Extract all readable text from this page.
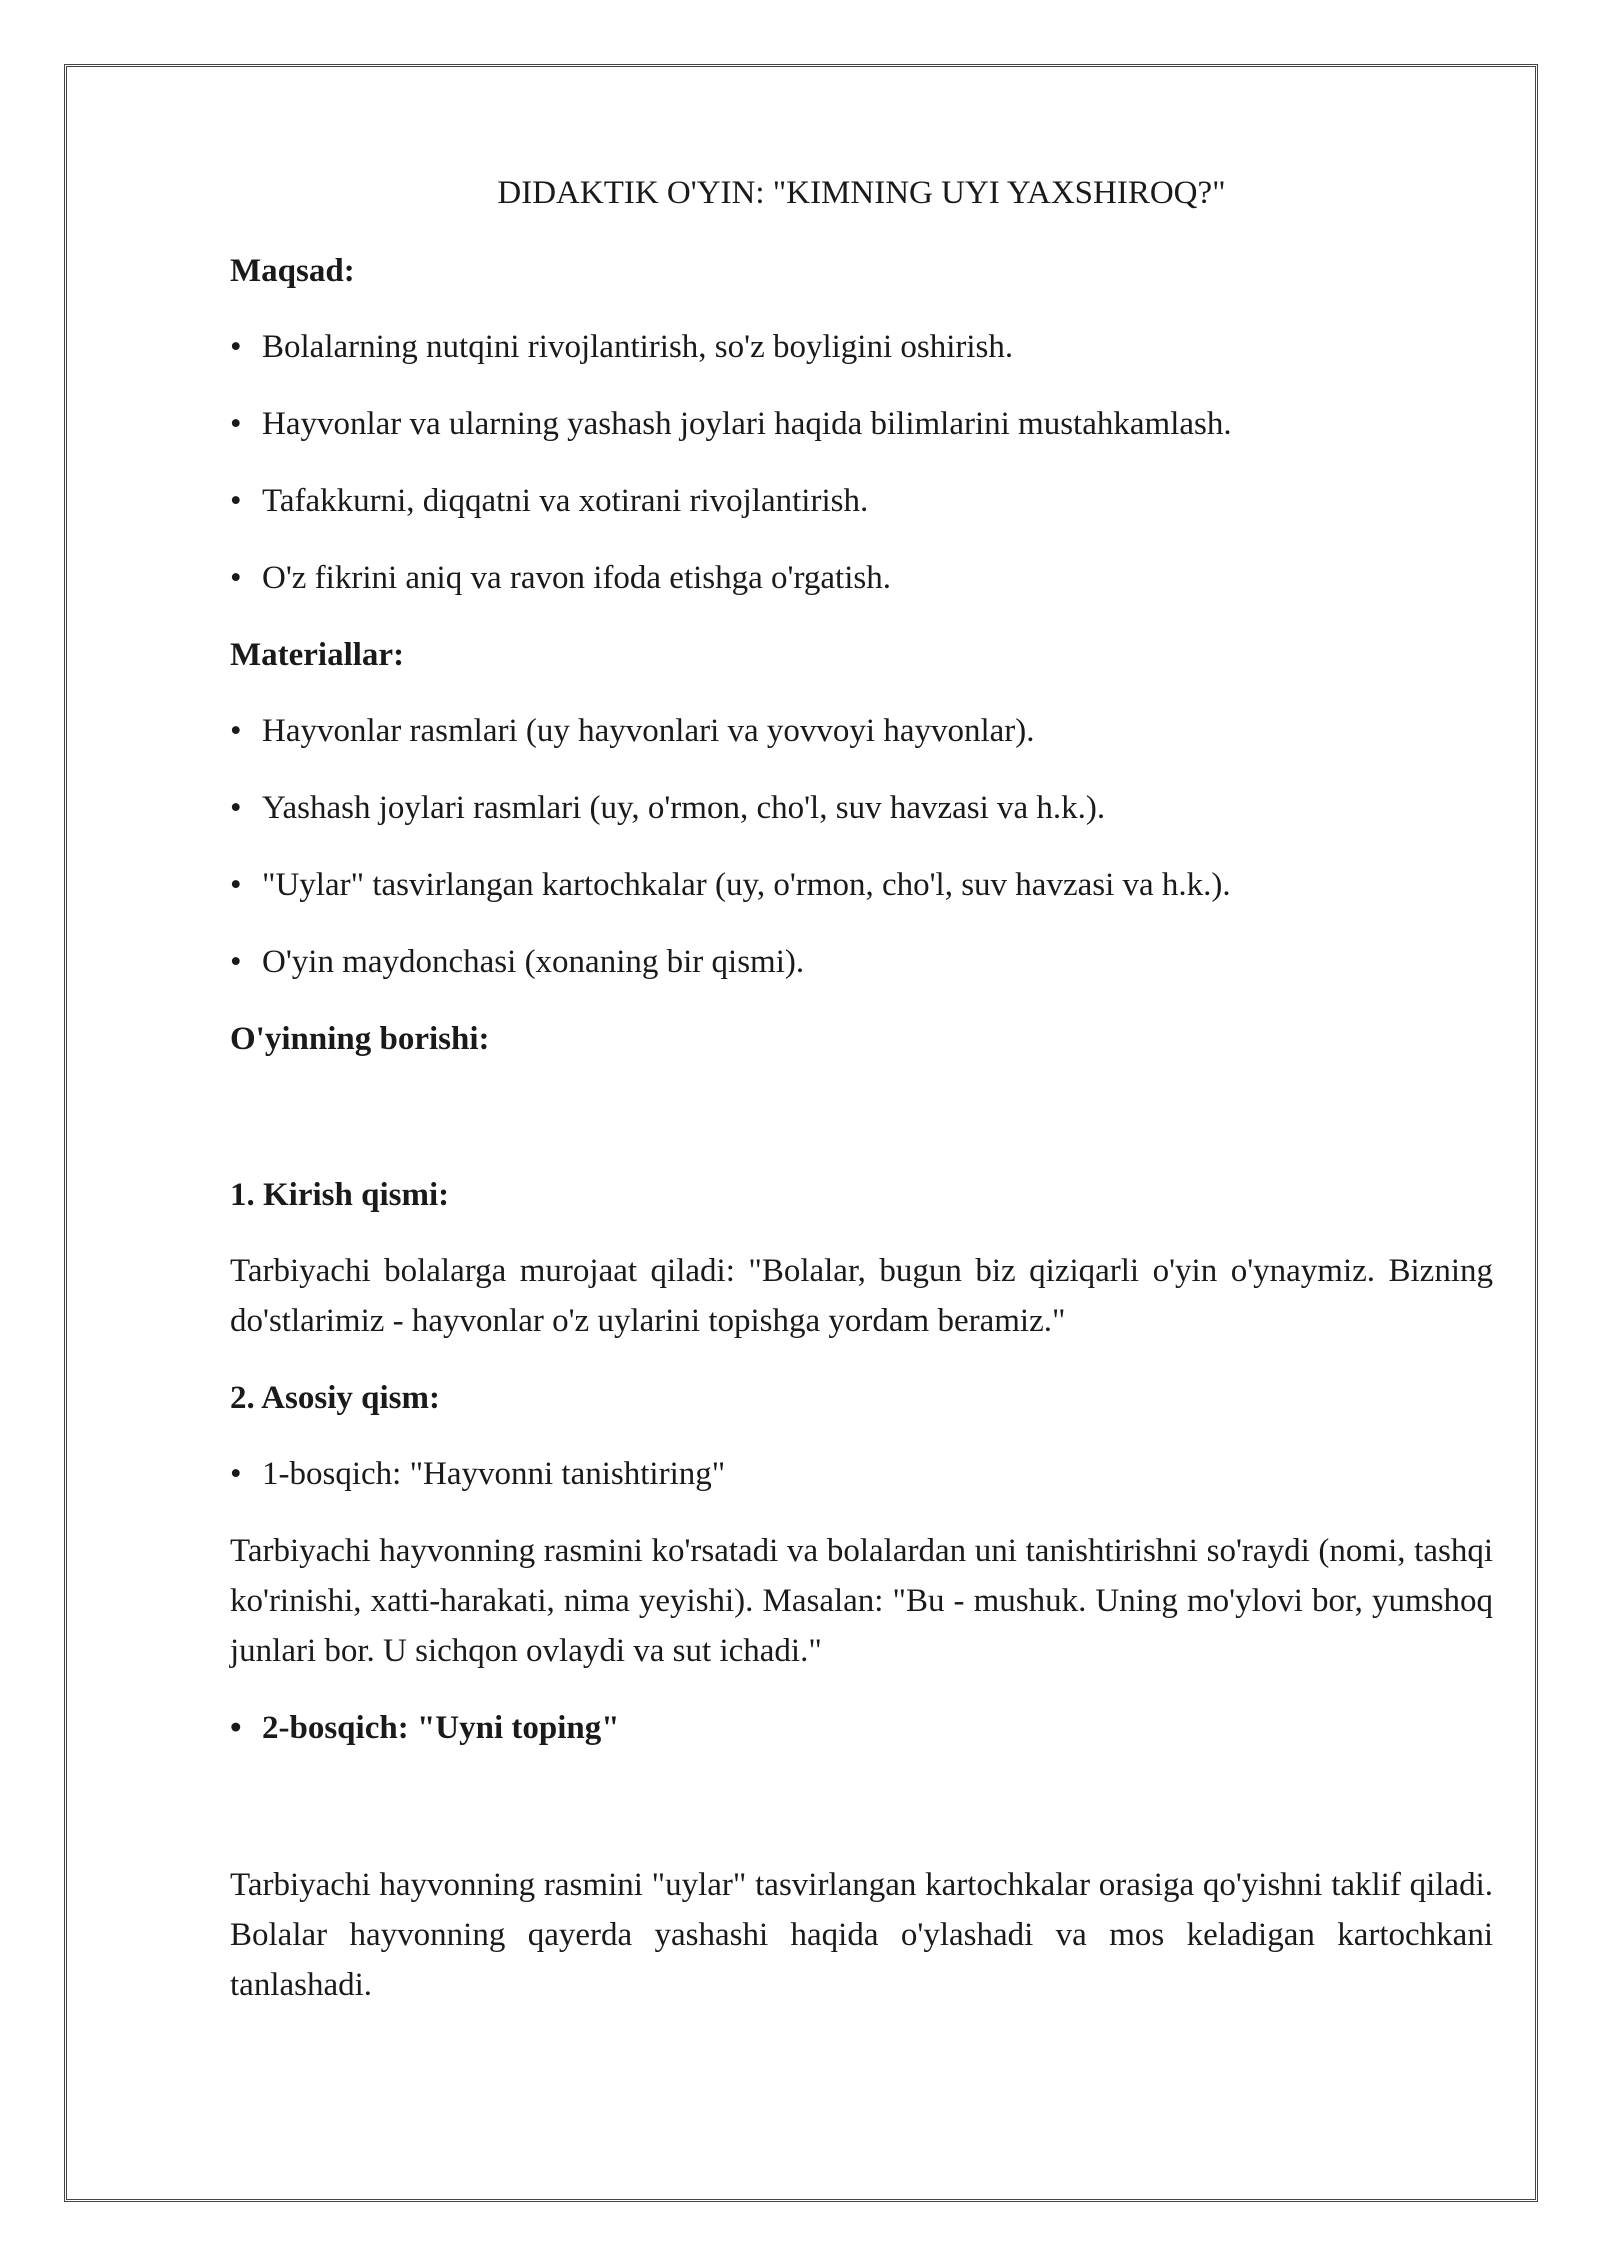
DIDAKTIK O'YIN: "KIMNING UYI YAXSHIROQ?"
Maqsad:
• Bolalarning nutqini rivojlantirish, so'z boyligini oshirish.
• Hayvonlar va ularning yashash joylari haqida bilimlarini mustahkamlash.
• Tafakkurni, diqqatni va xotirani rivojlantirish.
• O'z fikrini aniq va ravon ifoda etishga o'rgatish.
Materiallar:
• Hayvonlar rasmlari (uy hayvonlari va yovvoyi hayvonlar).
• Yashash joylari rasmlari (uy, o'rmon, cho'l, suv havzasi va h.k.).
• "Uylar" tasvirlangan kartochkalar (uy, o'rmon, cho'l, suv havzasi va h.k.).
• O'yin maydonchasi (xonaning bir qismi).
O'yinning borishi:
1. Kirish qismi:
Tarbiyachi bolalarga murojaat qiladi: "Bolalar, bugun biz qiziqarli o'yin o'ynaymiz. Bizning do'stlarimiz - hayvonlar o'z uylarini topishga yordam beramiz."
2. Asosiy qism:
• 1-bosqich: "Hayvonni tanishtiring"
Tarbiyachi hayvonning rasmini ko'rsatadi va bolalardan uni tanishtirishni so'raydi (nomi, tashqi ko'rinishi, xatti-harakati, nima yeyishi). Masalan: "Bu - mushuk. Uning mo'ylovi bor, yumshoq junlari bor. U sichqon ovlaydi va sut ichadi."
• 2-bosqich: "Uyni toping"
Tarbiyachi hayvonning rasmini "uylar" tasvirlangan kartochkalar orasiga qo'yishni taklif qiladi. Bolalar hayvonning qayerda yashashi haqida o'ylashadi va mos keladigan kartochkani tanlashadi.
